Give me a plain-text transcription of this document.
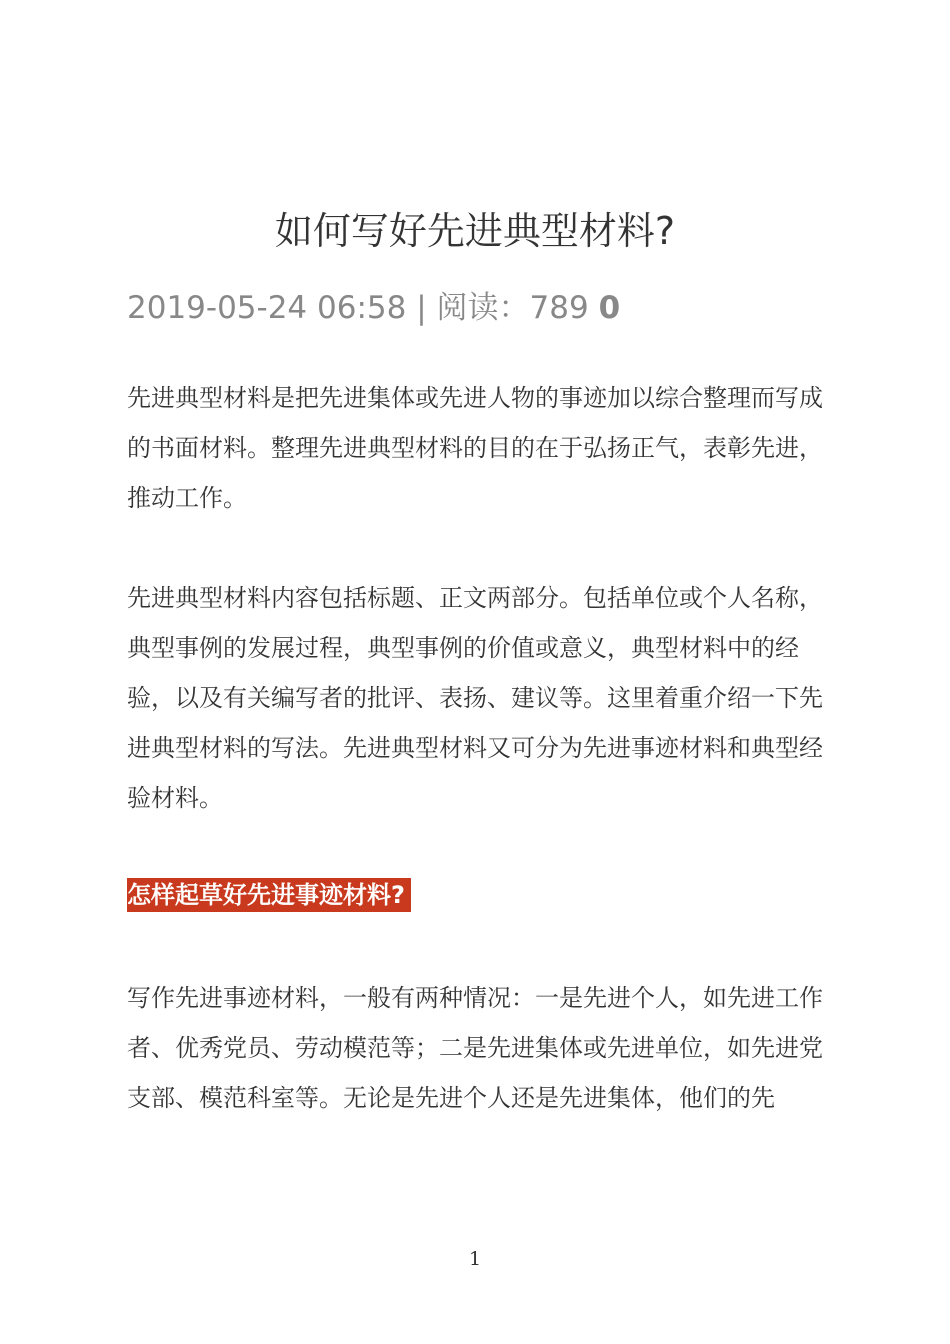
如何写好先进典型材料?
2019-05-24 06:58 | 阅读：789 0

先进典型材料是把先进集体或先进人物的事迹加以综合整理而写成的书面材料。整理先进典型材料的目的在于弘扬正气，表彰先进，推动工作。

先进典型材料内容包括标题、正文两部分。包括单位或个人名称，典型事例的发展过程，典型事例的价值或意义，典型材料中的经验，以及有关编写者的批评、表扬、建议等。这里着重介绍一下先进典型材料的写法。先进典型材料又可分为先进事迹材料和典型经验材料。

怎样起草好先进事迹材料?

写作先进事迹材料，一般有两种情况：一是先进个人，如先进工作者、优秀党员、劳动模范等；二是先进集体或先进单位，如先进党支部、模范科室等。无论是先进个人还是先进集体，他们的先

1
